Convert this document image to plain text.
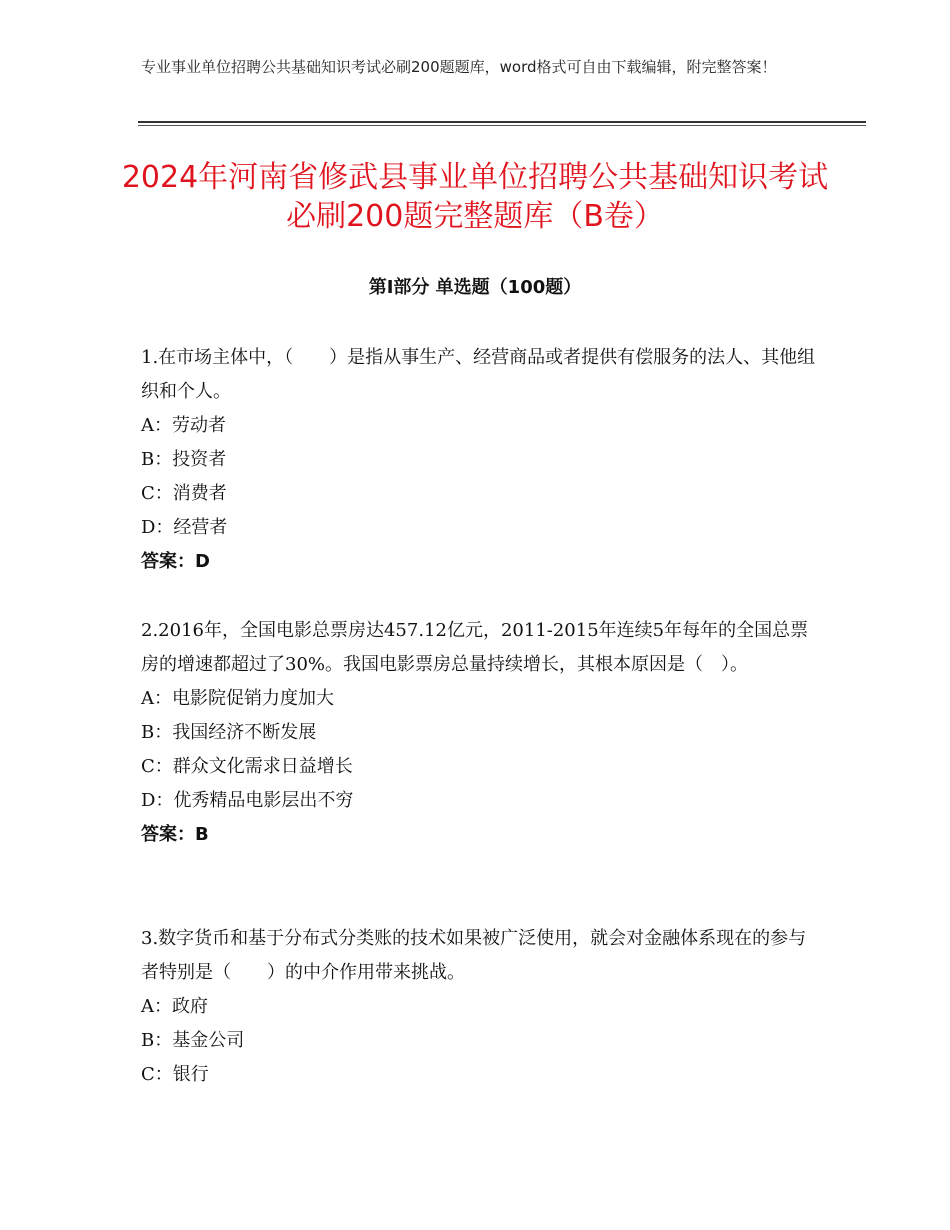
专业事业单位招聘公共基础知识考试必刷200题题库，word格式可自由下载编辑，附完整答案！
2024年河南省修武县事业单位招聘公共基础知识考试必刷200题完整题库（B卷）
第Ⅰ部分 单选题（100题）

1.在市场主体中，（　　）是指从事生产、经营商品或者提供有偿服务的法人、其他组织和个人。

A：劳动者

B：投资者

C：消费者

D：经营者

答案：D

2.2016年，全国电影总票房达457.12亿元，2011-2015年连续5年每年的全国总票房的增速都超过了30%。我国电影票房总量持续增长，其根本原因是（　）。

A：电影院促销力度加大

B：我国经济不断发展

C：群众文化需求日益增长

D：优秀精品电影层出不穷

答案：B

3.数字货币和基于分布式分类账的技术如果被广泛使用，就会对金融体系现在的参与者特别是（　　）的中介作用带来挑战。

A：政府

B：基金公司

C：银行
